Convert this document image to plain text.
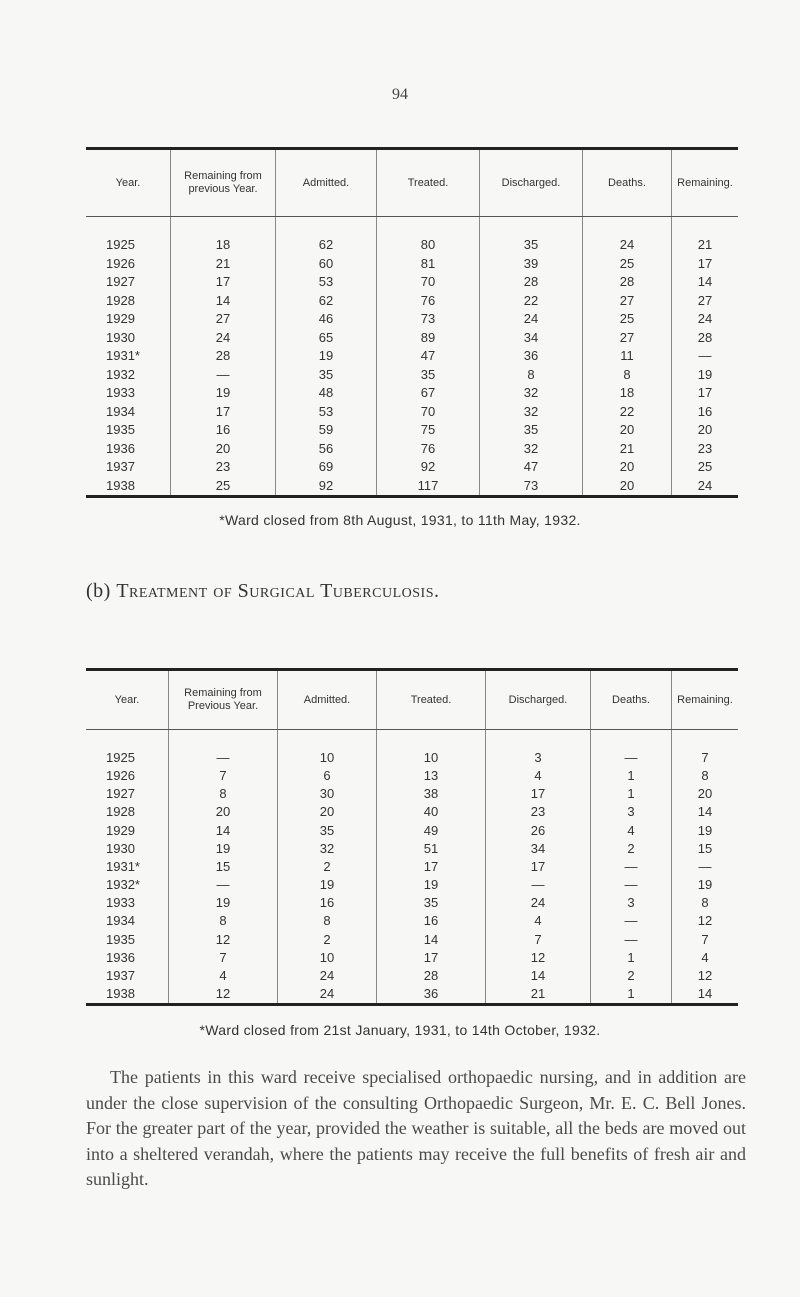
94
Year.	Remaining from previous Year.	Admitted.	Treated.	Discharged.	Deaths.	Remaining.

1925	18	62	80	35	24	21
1926	21	60	81	39	25	17
1927	17	53	70	28	28	14
1928	14	62	76	22	27	27
1929	27	46	73	24	25	24
1930	24	65	89	34	27	28
1931*	28	19	47	36	11	—
1932	—	35	35	8	8	19
1933	19	48	67	32	18	17
1934	17	53	70	32	22	16
1935	16	59	75	35	20	20
1936	20	56	76	32	21	23
1937	23	69	92	47	20	25
1938	25	92	117	73	20	24
*Ward closed from 8th August, 1931, to 11th May, 1932.
(b) Treatment of Surgical Tuberculosis.
Year.	Remaining from Previous Year.	Admitted.	Treated.	Discharged.	Deaths.	Remaining.

1925	—	10	10	3	—	7
1926	7	6	13	4	1	8
1927	8	30	38	17	1	20
1928	20	20	40	23	3	14
1929	14	35	49	26	4	19
1930	19	32	51	34	2	15
1931*	15	2	17	17	—	—
1932*	—	19	19	—	—	19
1933	19	16	35	24	3	8
1934	8	8	16	4	—	12
1935	12	2	14	7	—	7
1936	7	10	17	12	1	4
1937	4	24	28	14	2	12
1938	12	24	36	21	1	14
*Ward closed from 21st January, 1931, to 14th October, 1932.

The patients in this ward receive specialised orthopaedic nursing, and in addition are under the close supervision of the consulting Orthopaedic Surgeon, Mr. E. C. Bell Jones. For the greater part of the year, provided the weather is suitable, all the beds are moved out into a sheltered verandah, where the patients may receive the full benefits of fresh air and sunlight.
